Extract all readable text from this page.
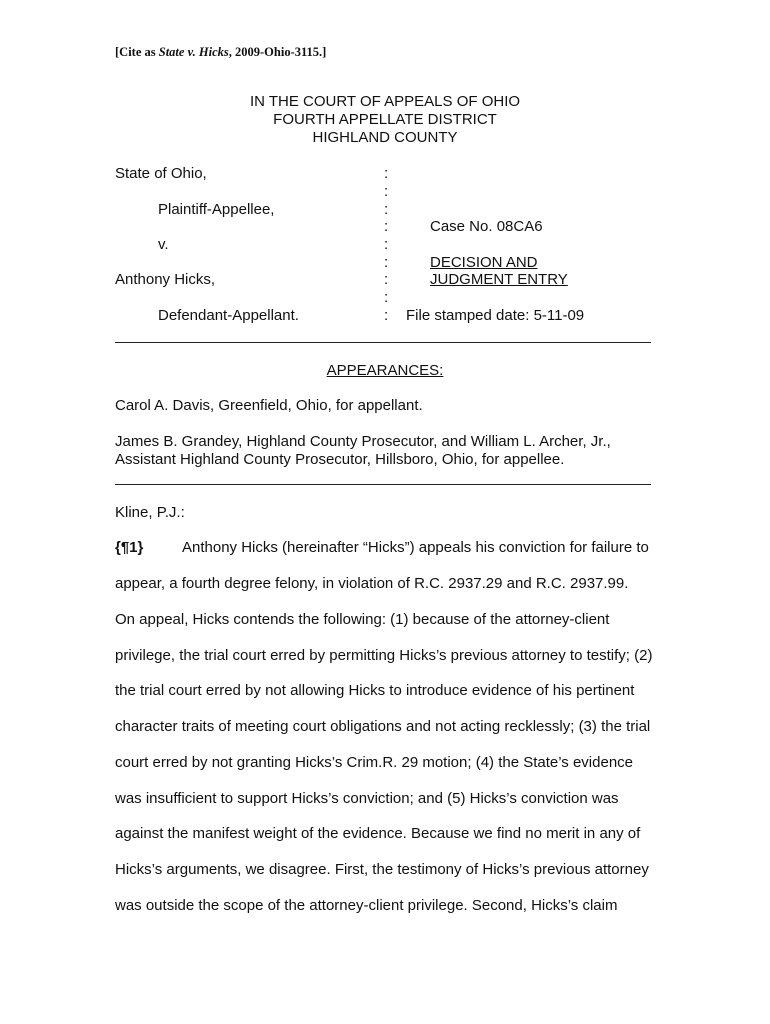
[Cite as State v. Hicks, 2009-Ohio-3115.]
IN THE COURT OF APPEALS OF OHIO
FOURTH APPELLATE DISTRICT
HIGHLAND COUNTY
State of Ohio,
Plaintiff-Appellee,
v.
Anthony Hicks,
Defendant-Appellant.
:
:
:
:
:
:
:
:
:
Case No. 08CA6
DECISION AND
JUDGMENT ENTRY
File stamped date: 5-11-09
APPEARANCES:
Carol A. Davis, Greenfield, Ohio, for appellant.
James B. Grandey, Highland County Prosecutor, and William L. Archer, Jr.,
Assistant Highland County Prosecutor, Hillsboro, Ohio, for appellee.
Kline, P.J.:
{¶1}	Anthony Hicks (hereinafter “Hicks”) appeals his conviction for failure to
appear, a fourth degree felony, in violation of R.C. 2937.29 and R.C. 2937.99.
On appeal, Hicks contends the following: (1) because of the attorney-client
privilege, the trial court erred by permitting Hicks’s previous attorney to testify; (2)
the trial court erred by not allowing Hicks to introduce evidence of his pertinent
character traits of meeting court obligations and not acting recklessly; (3) the trial
court erred by not granting Hicks’s Crim.R. 29 motion; (4) the State’s evidence
was insufficient to support Hicks’s conviction; and (5) Hicks’s conviction was
against the manifest weight of the evidence. Because we find no merit in any of
Hicks’s arguments, we disagree. First, the testimony of Hicks’s previous attorney
was outside the scope of the attorney-client privilege. Second, Hicks’s claim
